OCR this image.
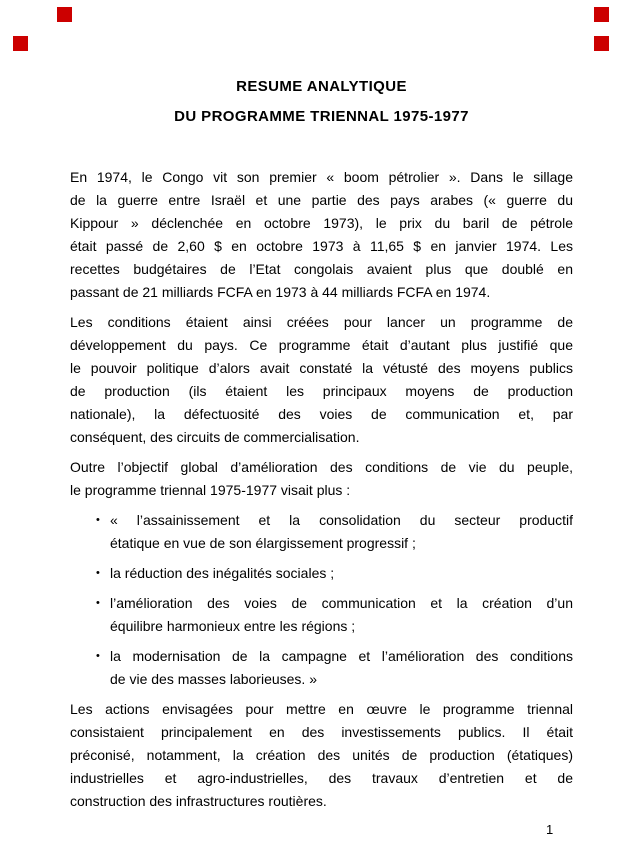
RESUME ANALYTIQUE
DU PROGRAMME TRIENNAL 1975-1977
En 1974, le Congo vit son premier « boom pétrolier ». Dans le sillage
de la guerre entre Israël et une partie des pays arabes (« guerre du
Kippour » déclenchée en octobre 1973), le prix du baril de pétrole
était passé de 2,60 $ en octobre 1973 à 11,65 $ en janvier 1974. Les
recettes budgétaires de l’Etat congolais avaient plus que doublé en
passant de 21 milliards FCFA en 1973 à 44 milliards FCFA en 1974.
Les conditions étaient ainsi créées pour lancer un programme de
développement du pays. Ce programme était d’autant plus justifié que
le pouvoir politique d’alors avait constaté la vétusté des moyens publics
de production (ils étaient les principaux moyens de production
nationale), la défectuosité des voies de communication et, par
conséquent, des circuits de commercialisation.
Outre l’objectif global d’amélioration des conditions de vie du peuple,
le programme triennal 1975-1977 visait plus :
• « l’assainissement et la consolidation du secteur productif
étatique en vue de son élargissement progressif ;
• la réduction des inégalités sociales ;
• l’amélioration des voies de communication et la création d’un
équilibre harmonieux entre les régions ;
• la modernisation de la campagne et l’amélioration des conditions
de vie des masses laborieuses. »
Les actions envisagées pour mettre en œuvre le programme triennal
consistaient principalement en des investissements publics. Il était
préconisé, notamment, la création des unités de production (étatiques)
industrielles et agro-industrielles, des travaux d’entretien et de
construction des infrastructures routières.
1
